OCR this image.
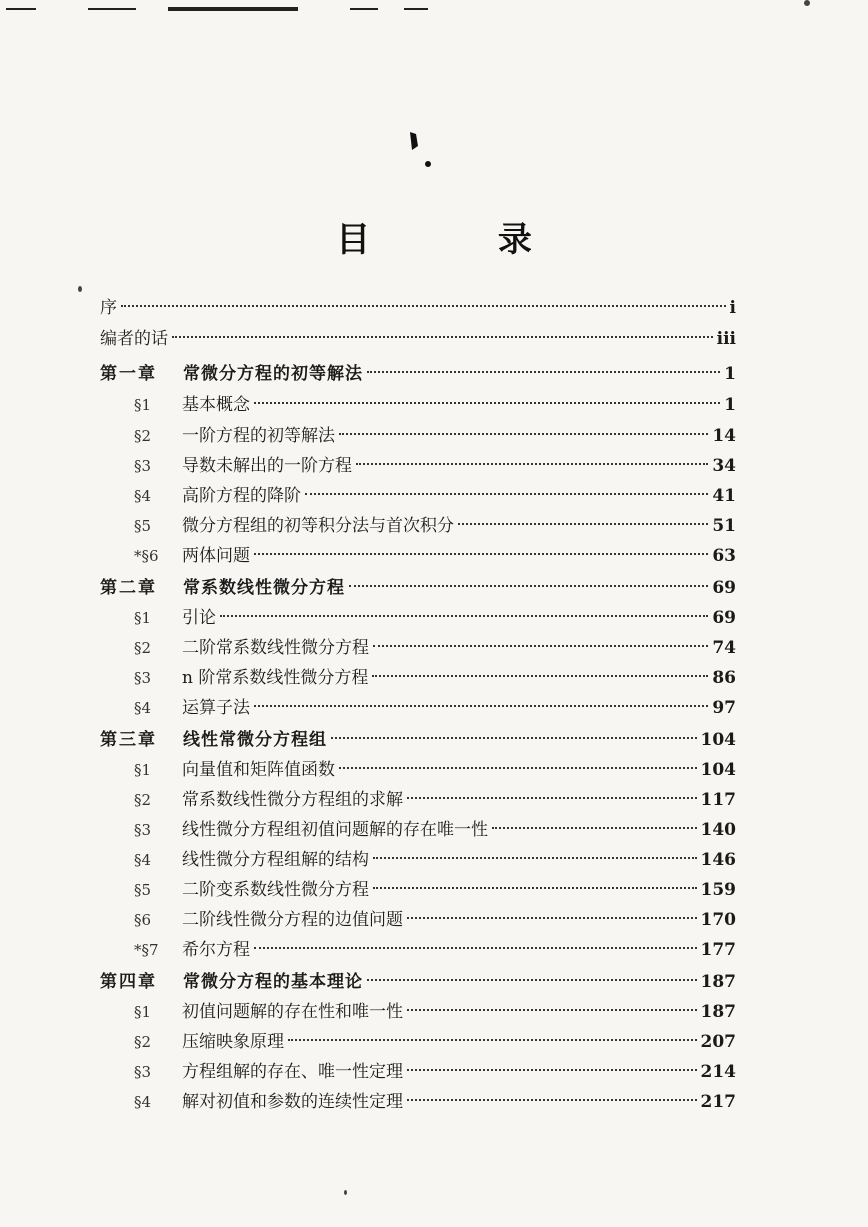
目 录
序	i
编者的话	iii
第一章 常微分方程的初等解法	1
§1	基本概念	1
§2	一阶方程的初等解法	14
§3	导数未解出的一阶方程	34
§4	高阶方程的降阶	41
§5	微分方程组的初等积分法与首次积分	51
*§6	两体问题	63
第二章 常系数线性微分方程	69
§1	引论	69
§2	二阶常系数线性微分方程	74
§3	n 阶常系数线性微分方程	86
§4	运算子法	97
第三章 线性常微分方程组	104
§1	向量值和矩阵值函数	104
§2	常系数线性微分方程组的求解	117
§3	线性微分方程组初值问题解的存在唯一性	140
§4	线性微分方程组解的结构	146
§5	二阶变系数线性微分方程	159
§6	二阶线性微分方程的边值问题	170
*§7	希尔方程	177
第四章 常微分方程的基本理论	187
§1	初值问题解的存在性和唯一性	187
§2	压缩映象原理	207
§3	方程组解的存在、唯一性定理	214
§4	解对初值和参数的连续性定理	217
